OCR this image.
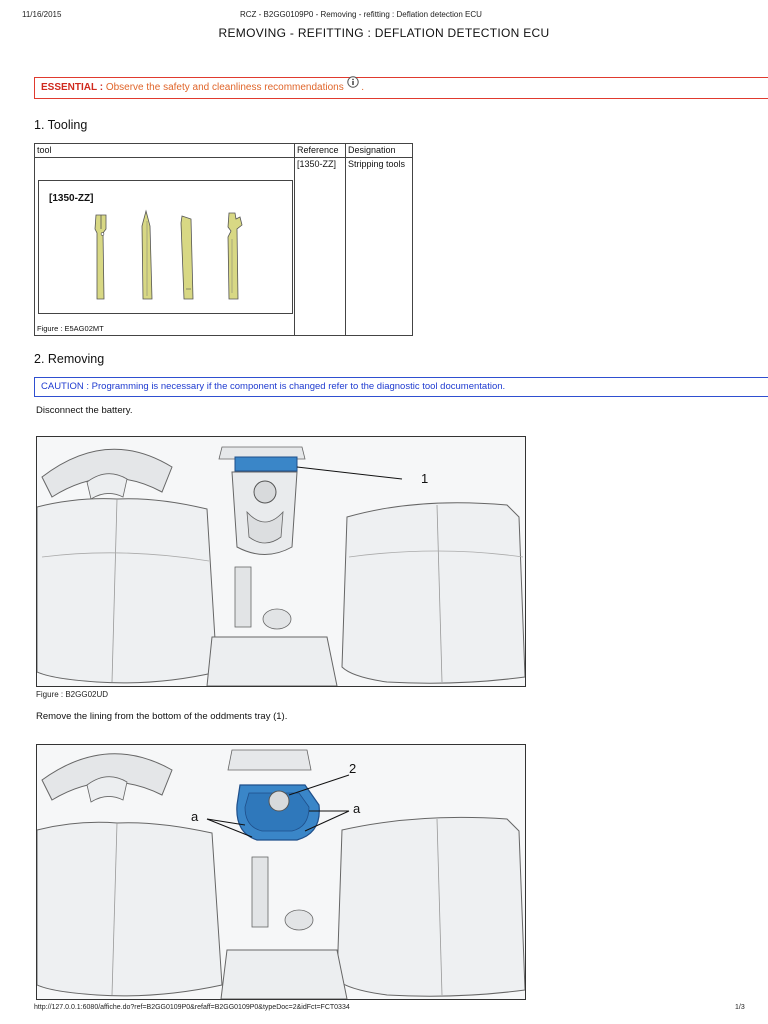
11/16/2015	RCZ - B2GG0109P0 - Removing - refitting : Deflation detection ECU
REMOVING - REFITTING : DEFLATION DETECTION ECU
ESSENTIAL : Observe the safety and cleanliness recommendations  .
1. Tooling
tool	Reference	Designation

Figure : E5AG02MT	[1350-ZZ]	Stripping tools
[1350-ZZ]
2. Removing
CAUTION : Programming is necessary if the component is changed refer to the diagnostic tool documentation.
Disconnect the battery.
1
Figure : B2GG02UD
Remove the lining from the bottom of the oddments tray (1).
2
a
a
http://127.0.0.1:6080/affiche.do?ref=B2GG0109P0&refaff=B2GG0109P0&typeDoc=2&idFct=FCT0334	1/3
